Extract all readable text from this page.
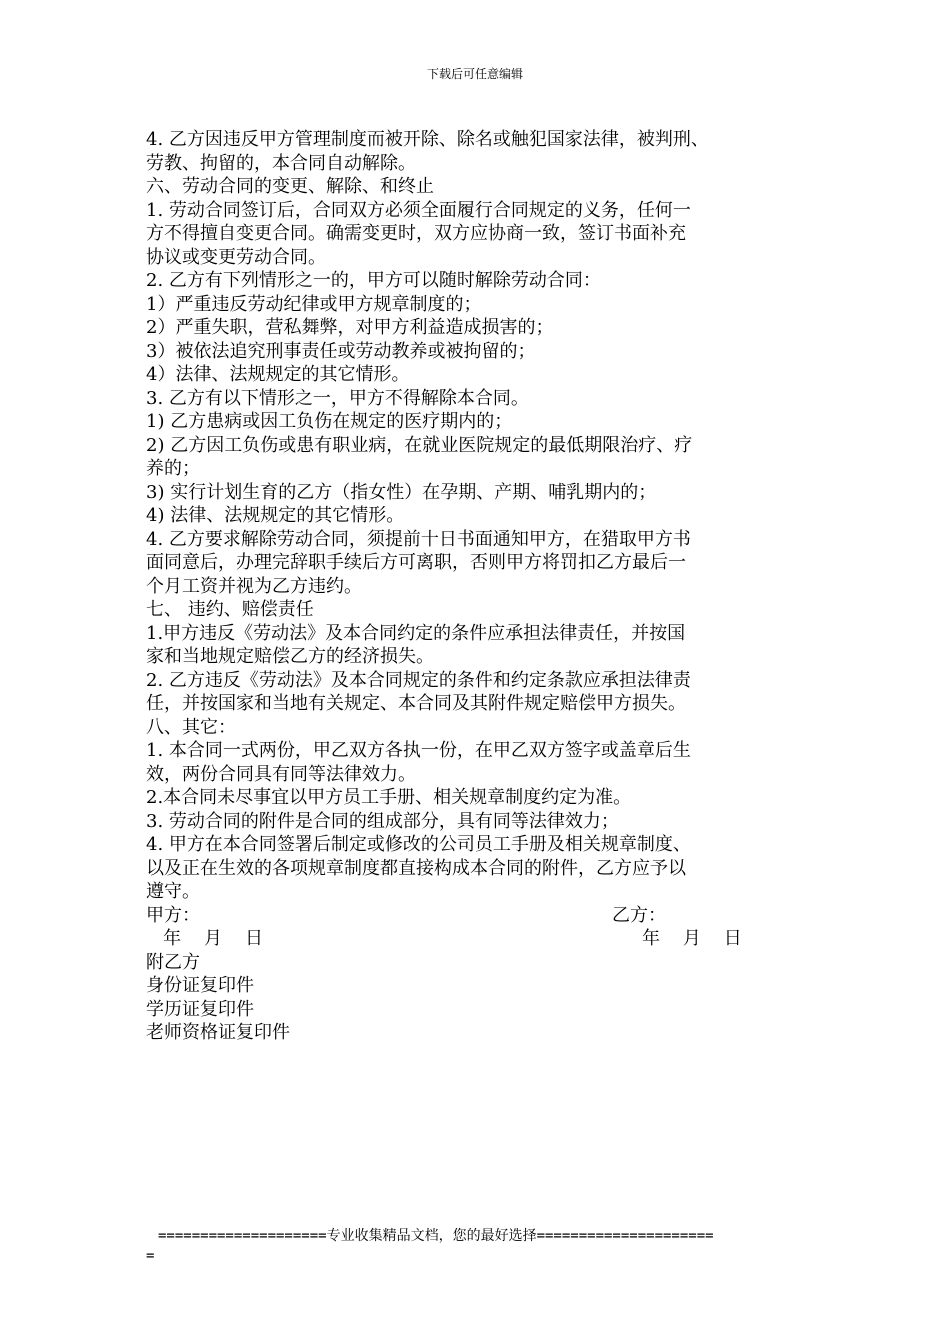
下载后可任意编辑
4. 乙方因违反甲方管理制度而被开除、除名或触犯国家法律，被判刑、
劳教、拘留的，本合同自动解除。
六、劳动合同的变更、解除、和终止
1. 劳动合同签订后，合同双方必须全面履行合同规定的义务，任何一
方不得擅自变更合同。确需变更时，双方应协商一致，签订书面补充
协议或变更劳动合同。
2. 乙方有下列情形之一的，甲方可以随时解除劳动合同：
1）严重违反劳动纪律或甲方规章制度的；
2）严重失职，营私舞弊，对甲方利益造成损害的；
3）被依法追究刑事责任或劳动教养或被拘留的；
4）法律、法规规定的其它情形。
3. 乙方有以下情形之一，甲方不得解除本合同。
1) 乙方患病或因工负伤在规定的医疗期内的；
2) 乙方因工负伤或患有职业病，在就业医院规定的最低期限治疗、疗
养的；
3) 实行计划生育的乙方（指女性）在孕期、产期、哺乳期内的；
4) 法律、法规规定的其它情形。
4. 乙方要求解除劳动合同，须提前十日书面通知甲方，在猎取甲方书
面同意后，办理完辞职手续后方可离职，否则甲方将罚扣乙方最后一
个月工资并视为乙方违约。
七、 违约、赔偿责任
1.甲方违反《劳动法》及本合同约定的条件应承担法律责任，并按国
家和当地规定赔偿乙方的经济损失。
2. 乙方违反《劳动法》及本合同规定的条件和约定条款应承担法律责
任，并按国家和当地有关规定、本合同及其附件规定赔偿甲方损失。
八、其它：
1. 本合同一式两份，甲乙双方各执一份，在甲乙双方签字或盖章后生
效，两份合同具有同等法律效力。
2.本合同未尽事宜以甲方员工手册、相关规章制度约定为准。
3. 劳动合同的附件是合同的组成部分，具有同等法律效力；
4. 甲方在本合同签署后制定或修改的公司员工手册及相关规章制度、
以及正在生效的各项规章制度都直接构成本合同的附件，乙方应予以
遵守。
甲方：	乙方：
年    月    日	年    月    日
附乙方
身份证复印件
学历证复印件
老师资格证复印件
====================专业收集精品文档，您的最好选择=====================
=
